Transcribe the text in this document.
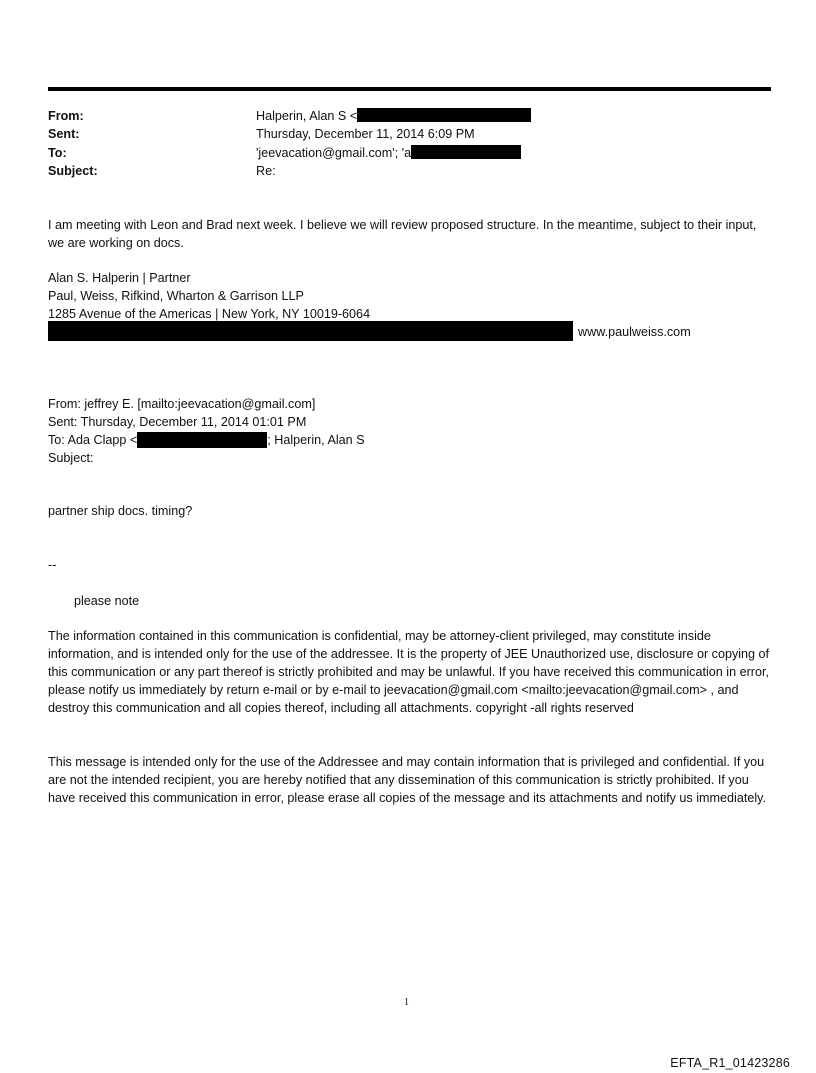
From:
Sent:
To:
Subject:
Halperin, Alan S <
Thursday, December 11, 2014 6:09 PM
'jeevacation@gmail.com'; 'a
Re:
I am meeting with Leon and Brad next week. I believe we will review proposed structure. In the meantime, subject to their input, we are working on docs.
Alan S. Halperin | Partner
Paul, Weiss, Rifkind, Wharton & Garrison LLP
1285 Avenue of the Americas | New York, NY 10019-6064
www.paulweiss.com
From: jeffrey E. [mailto:jeevacation@gmail.com]
Sent: Thursday, December 11, 2014 01:01 PM
To: Ada Clapp <	; Halperin, Alan S
Subject:
partner ship docs. timing?
--
please note
The information contained in this communication is confidential, may be attorney-client privileged, may constitute inside information, and is intended only for the use of the addressee. It is the property of JEE Unauthorized use, disclosure or copying of this communication or any part thereof is strictly prohibited and may be unlawful. If you have received this communication in error, please notify us immediately by return e-mail or by e-mail to jeevacation@gmail.com <mailto:jeevacation@gmail.com> , and destroy this communication and all copies thereof, including all attachments. copyright -all rights reserved
This message is intended only for the use of the Addressee and may contain information that is privileged and confidential. If you are not the intended recipient, you are hereby notified that any dissemination of this communication is strictly prohibited. If you have received this communication in error, please erase all copies of the message and its attachments and notify us immediately.
1
EFTA_R1_01423286
